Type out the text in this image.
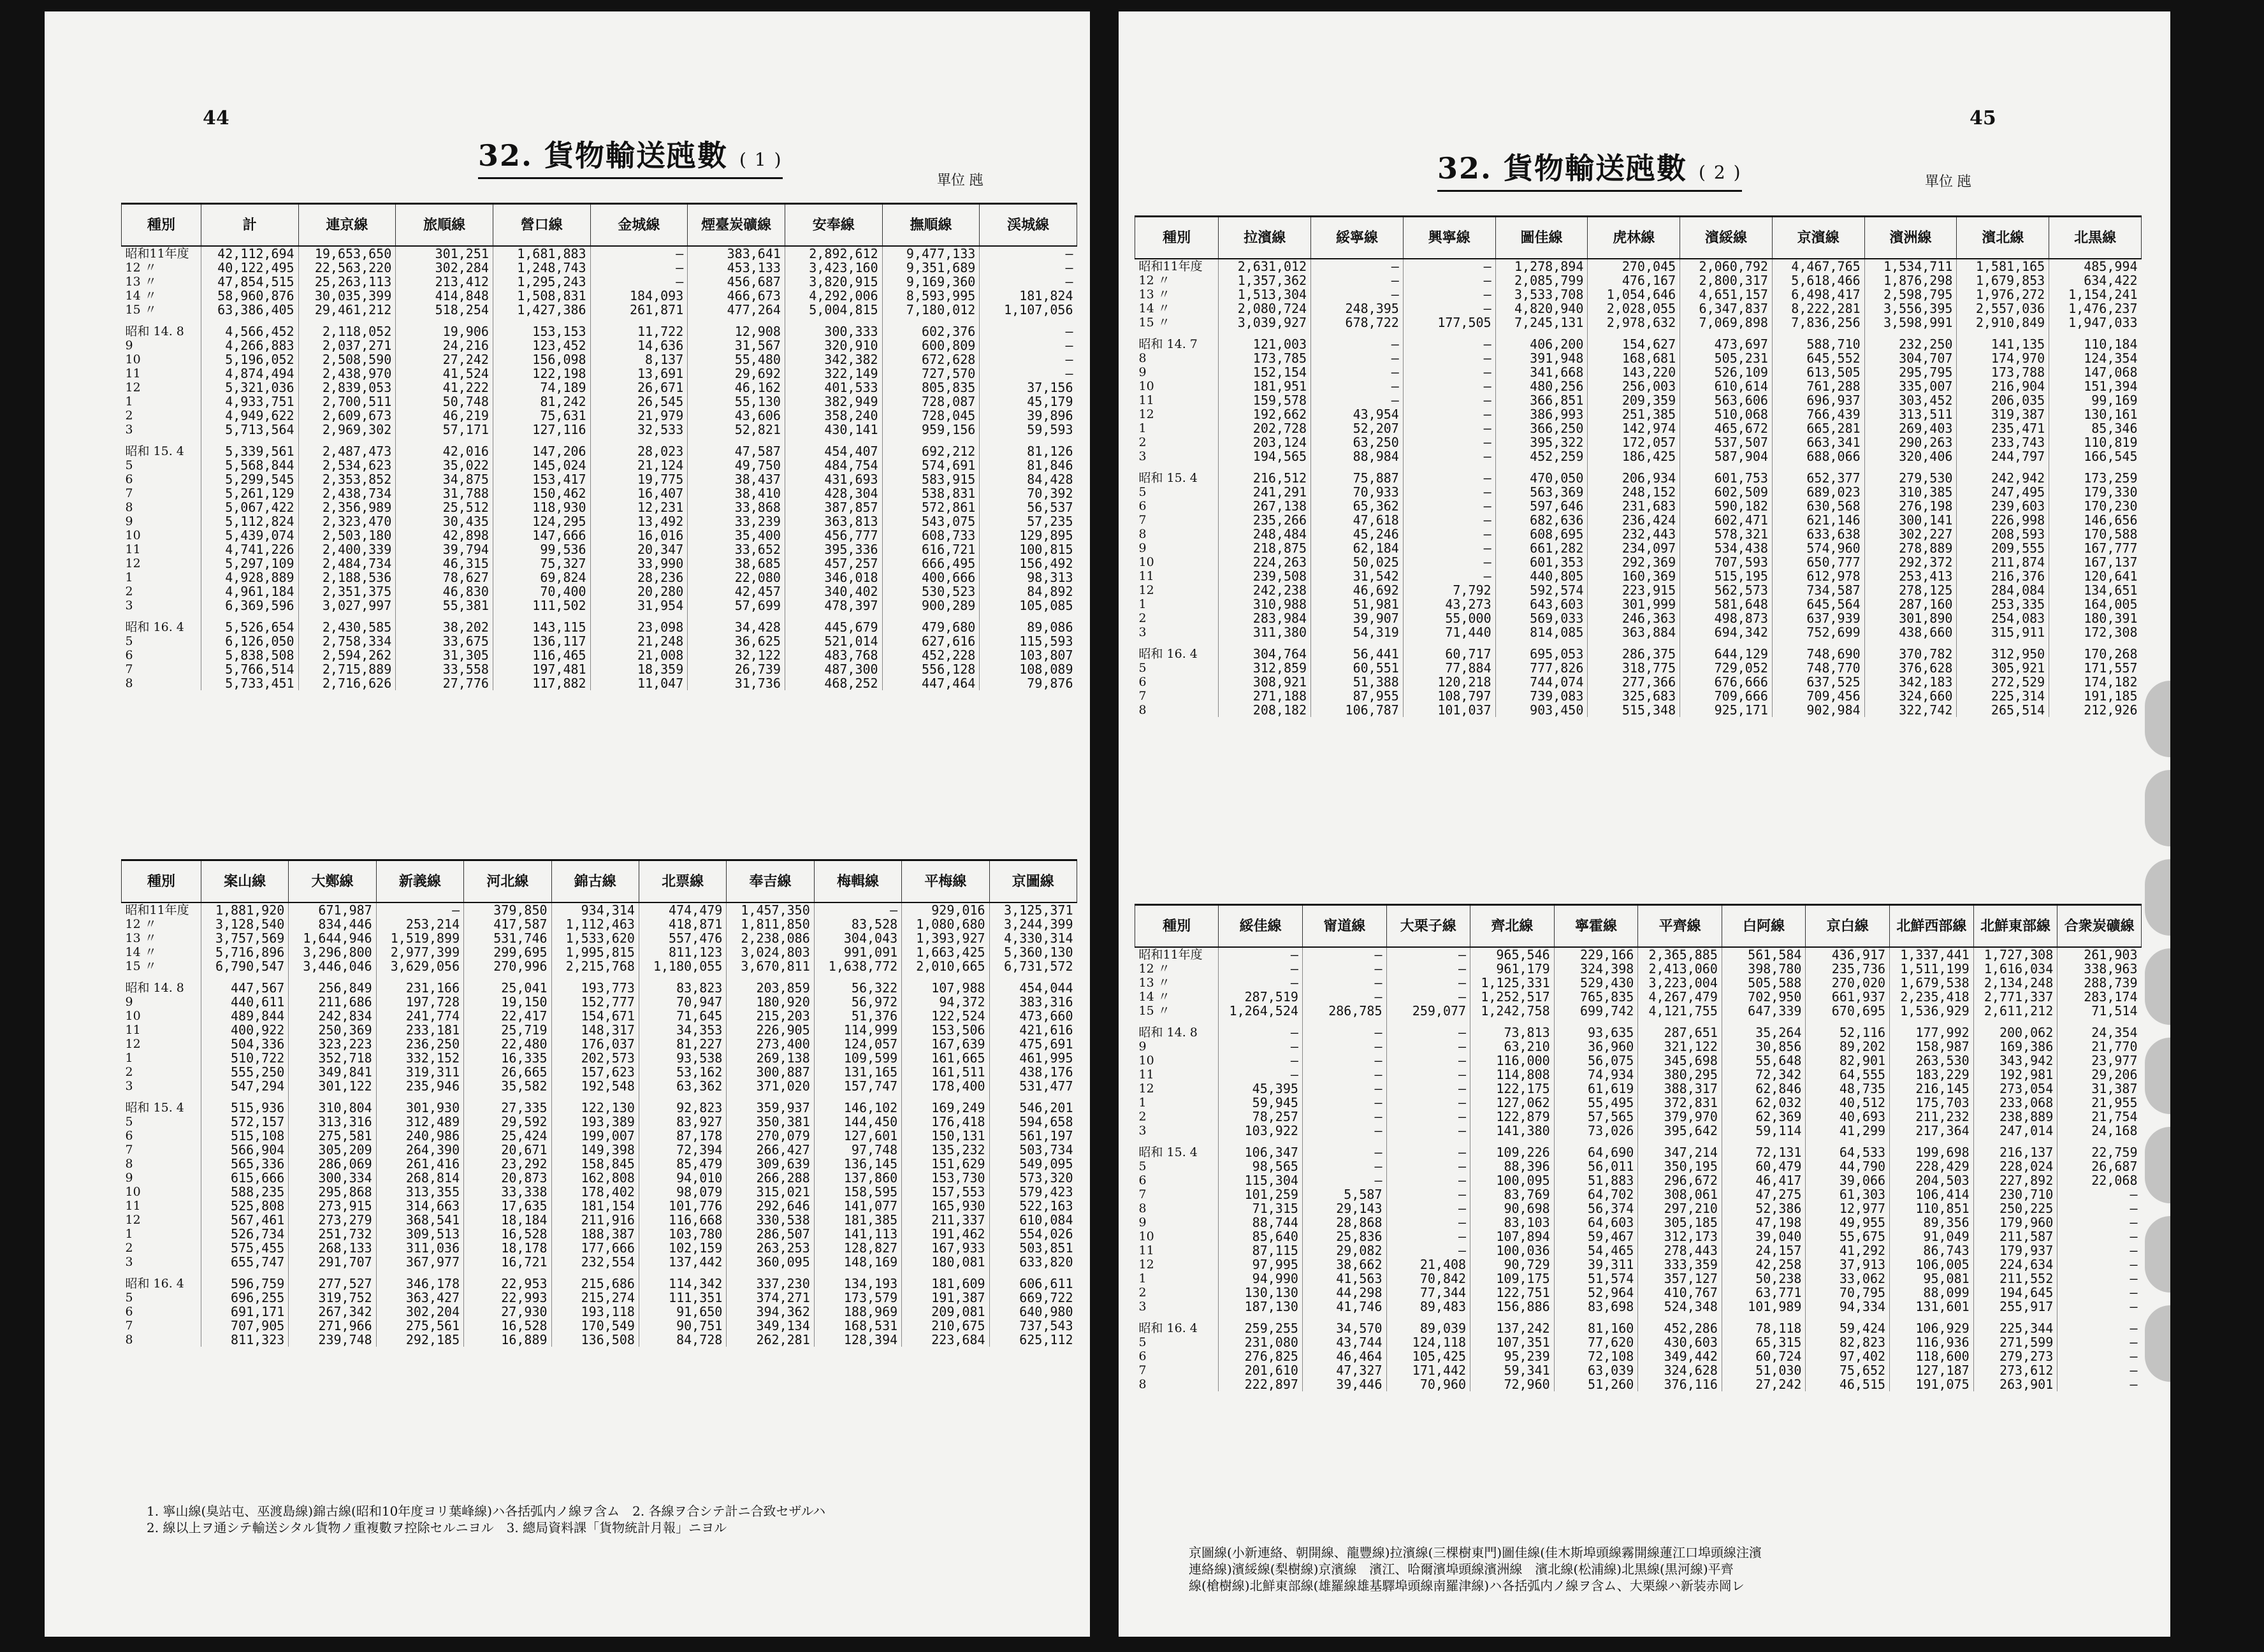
44
32. 貨物輸送瓲數 ( 1 )
單位 瓲
種別	計	連京線	旅順線	營口線	金城線	煙臺炭礦線	安奉線	撫順線	渓城線
昭和11年度	42,112,694	19,653,650	301,251	1,681,883	—	383,641	2,892,612	9,477,133	—
12 〃	40,122,495	22,563,220	302,284	1,248,743	—	453,133	3,423,160	9,351,689	—
13 〃	47,854,515	25,263,113	213,412	1,295,243	—	456,687	3,820,915	9,169,360	—
14 〃	58,960,876	30,035,399	414,848	1,508,831	184,093	466,673	4,292,006	8,593,995	181,824
15 〃	63,386,405	29,461,212	518,254	1,427,386	261,871	477,264	5,004,815	7,180,012	1,107,056

昭和 14. 8	4,566,452	2,118,052	19,906	153,153	11,722	12,908	300,333	602,376	—
9	4,266,883	2,037,271	24,216	123,452	14,636	31,567	320,910	600,809	—
10	5,196,052	2,508,590	27,242	156,098	8,137	55,480	342,382	672,628	—
11	4,874,494	2,438,970	41,524	122,198	13,691	29,692	322,149	727,570	—
12	5,321,036	2,839,053	41,222	74,189	26,671	46,162	401,533	805,835	37,156
1	4,933,751	2,700,511	50,748	81,242	26,545	55,130	382,949	728,087	45,179
2	4,949,622	2,609,673	46,219	75,631	21,979	43,606	358,240	728,045	39,896
3	5,713,564	2,969,302	57,171	127,116	32,533	52,821	430,141	959,156	59,593

昭和 15. 4	5,339,561	2,487,473	42,016	147,206	28,023	47,587	454,407	692,212	81,126
5	5,568,844	2,534,623	35,022	145,024	21,124	49,750	484,754	574,691	81,846
6	5,299,545	2,353,852	34,875	153,417	19,775	38,437	431,693	583,915	84,428
7	5,261,129	2,438,734	31,788	150,462	16,407	38,410	428,304	538,831	70,392
8	5,067,422	2,356,989	25,512	118,930	12,231	33,868	387,857	572,861	56,537
9	5,112,824	2,323,470	30,435	124,295	13,492	33,239	363,813	543,075	57,235
10	5,439,074	2,503,180	42,898	147,666	16,016	35,400	456,777	608,733	129,895
11	4,741,226	2,400,339	39,794	99,536	20,347	33,652	395,336	616,721	100,815
12	5,297,109	2,484,734	46,315	75,327	33,990	38,685	457,257	666,495	156,492
1	4,928,889	2,188,536	78,627	69,824	28,236	22,080	346,018	400,666	98,313
2	4,961,184	2,351,375	46,830	70,400	20,280	42,457	340,402	530,523	84,892
3	6,369,596	3,027,997	55,381	111,502	31,954	57,699	478,397	900,289	105,085

昭和 16. 4	5,526,654	2,430,585	38,202	143,115	23,098	34,428	445,679	479,680	89,086
5	6,126,050	2,758,334	33,675	136,117	21,248	36,625	521,014	627,616	115,593
6	5,838,508	2,594,262	31,305	116,465	21,008	32,122	483,768	452,228	103,807
7	5,766,514	2,715,889	33,558	197,481	18,359	26,739	487,300	556,128	108,089
8	5,733,451	2,716,626	27,776	117,882	11,047	31,736	468,252	447,464	79,876
種別	案山線	大鄭線	新義線	河北線	錦古線	北票線	奉吉線	梅輯線	平梅線	京圖線
昭和11年度	1,881,920	671,987	—	379,850	934,314	474,479	1,457,350	—	929,016	3,125,371
12 〃	3,128,540	834,446	253,214	417,587	1,112,463	418,871	1,811,850	83,528	1,080,680	3,244,399
13 〃	3,757,569	1,644,946	1,519,899	531,746	1,533,620	557,476	2,238,086	304,043	1,393,927	4,330,314
14 〃	5,716,896	3,296,800	2,977,399	299,695	1,995,815	811,123	3,024,803	991,091	1,663,425	5,360,130
15 〃	6,790,547	3,446,046	3,629,056	270,996	2,215,768	1,180,055	3,670,811	1,638,772	2,010,665	6,731,572

昭和 14. 8	447,567	256,849	231,166	25,041	193,773	83,823	203,859	56,322	107,988	454,044
9	440,611	211,686	197,728	19,150	152,777	70,947	180,920	56,972	94,372	383,316
10	489,844	242,834	241,774	22,417	154,671	71,645	215,203	51,376	122,524	473,660
11	400,922	250,369	233,181	25,719	148,317	34,353	226,905	114,999	153,506	421,616
12	504,336	323,223	236,250	22,480	176,037	81,227	273,400	124,057	167,639	475,691
1	510,722	352,718	332,152	16,335	202,573	93,538	269,138	109,599	161,665	461,995
2	555,250	349,841	319,311	26,665	157,623	53,162	300,887	131,165	161,511	438,176
3	547,294	301,122	235,946	35,582	192,548	63,362	371,020	157,747	178,400	531,477

昭和 15. 4	515,936	310,804	301,930	27,335	122,130	92,823	359,937	146,102	169,249	546,201
5	572,157	313,316	312,489	29,592	193,389	83,927	350,381	144,450	176,418	594,658
6	515,108	275,581	240,986	25,424	199,007	87,178	270,079	127,601	150,131	561,197
7	566,904	305,209	264,390	20,671	149,398	72,394	266,427	97,748	135,232	503,734
8	565,336	286,069	261,416	23,292	158,845	85,479	309,639	136,145	151,629	549,095
9	615,666	300,334	268,814	20,873	162,808	94,010	266,288	137,860	153,730	573,320
10	588,235	295,868	313,355	33,338	178,402	98,079	315,021	158,595	157,553	579,423
11	525,808	273,915	314,663	17,635	181,154	101,776	292,646	141,077	165,930	522,163
12	567,461	273,279	368,541	18,184	211,916	116,668	330,538	181,385	211,337	610,084
1	526,734	251,732	309,513	16,528	188,387	103,780	286,507	141,113	191,462	554,026
2	575,455	268,133	311,036	18,178	177,666	102,159	263,253	128,827	167,933	503,851
3	655,747	291,707	367,977	16,721	232,554	137,442	360,095	148,169	180,081	633,820

昭和 16. 4	596,759	277,527	346,178	22,953	215,686	114,342	337,230	134,193	181,609	606,611
5	696,255	319,752	363,427	22,993	215,274	111,351	374,271	173,579	191,387	669,722
6	691,171	267,342	302,204	27,930	193,118	91,650	394,362	188,969	209,081	640,980
7	707,905	271,966	275,561	16,528	170,549	90,751	349,134	168,531	210,675	737,543
8	811,323	239,748	292,185	16,889	136,508	84,728	262,281	128,394	223,684	625,112
1. 寧山線(臭站屯、巫渡島線)錦古線(昭和10年度ヨリ葉峰線)ハ各括弧内ノ線ヲ含ム　2. 各線ヲ合シテ計ニ合致セザルハ
2. 線以上ヲ通シテ輸送シタル貨物ノ重複數ヲ控除セルニヨル　3. 總局資料課「貨物統計月報」ニヨル
45
32. 貨物輸送瓲數 ( 2 )	單位 瓲
種別	拉濱線	綏寧線	興寧線	圖佳線	虎林線	濱綏線	京濱線	濱洲線	濱北線	北黒線
昭和11年度	2,631,012	—	—	1,278,894	270,045	2,060,792	4,467,765	1,534,711	1,581,165	485,994
12 〃	1,357,362	—	—	2,085,799	476,167	2,800,317	5,618,466	1,876,298	1,679,853	634,422
13 〃	1,513,304	—	—	3,533,708	1,054,646	4,651,157	6,498,417	2,598,795	1,976,272	1,154,241
14 〃	2,080,724	248,395	—	4,820,940	2,028,055	6,347,837	8,222,281	3,556,395	2,557,036	1,476,237
15 〃	3,039,927	678,722	177,505	7,245,131	2,978,632	7,069,898	7,836,256	3,598,991	2,910,849	1,947,033

昭和 14. 7	121,003	—	—	406,200	154,627	473,697	588,710	232,250	141,135	110,184
8	173,785	—	—	391,948	168,681	505,231	645,552	304,707	174,970	124,354
9	152,154	—	—	341,668	143,220	526,109	613,505	295,795	173,788	147,068
10	181,951	—	—	480,256	256,003	610,614	761,288	335,007	216,904	151,394
11	159,578	—	—	366,851	209,359	563,606	696,937	303,452	206,035	99,169
12	192,662	43,954	—	386,993	251,385	510,068	766,439	313,511	319,387	130,161
1	202,728	52,207	—	366,250	142,974	465,672	665,281	269,403	235,471	85,346
2	203,124	63,250	—	395,322	172,057	537,507	663,341	290,263	233,743	110,819
3	194,565	88,984	—	452,259	186,425	587,904	688,066	320,406	244,797	166,545

昭和 15. 4	216,512	75,887	—	470,050	206,934	601,753	652,377	279,530	242,942	173,259
5	241,291	70,933	—	563,369	248,152	602,509	689,023	310,385	247,495	179,330
6	267,138	65,362	—	597,646	231,683	590,182	630,568	276,198	239,603	170,230
7	235,266	47,618	—	682,636	236,424	602,471	621,146	300,141	226,998	146,656
8	248,484	45,246	—	608,695	232,443	578,321	633,638	302,227	208,593	170,588
9	218,875	62,184	—	661,282	234,097	534,438	574,960	278,889	209,555	167,777
10	224,263	50,025	—	601,353	292,369	707,593	650,777	292,372	211,874	167,137
11	239,508	31,542	—	440,805	160,369	515,195	612,978	253,413	216,376	120,641
12	242,238	46,692	7,792	592,574	223,915	562,573	734,587	278,125	284,084	134,651
1	310,988	51,981	43,273	643,603	301,999	581,648	645,564	287,160	253,335	164,005
2	283,984	39,907	55,000	569,033	246,363	498,873	637,939	301,890	254,083	180,391
3	311,380	54,319	71,440	814,085	363,884	694,342	752,699	438,660	315,911	172,308

昭和 16. 4	304,764	56,441	60,717	695,053	286,375	644,129	748,690	370,782	312,950	170,268
5	312,859	60,551	77,884	777,826	318,775	729,052	748,770	376,628	305,921	171,557
6	308,921	51,388	120,218	744,074	277,366	676,666	637,525	342,183	272,529	174,182
7	271,188	87,955	108,797	739,083	325,683	709,666	709,456	324,660	225,314	191,185
8	208,182	106,787	101,037	903,450	515,348	925,171	902,984	322,742	265,514	212,926
種別	綏佳線	甯道線	大栗子線	齊北線	寧霍線	平齊線	白阿線	京白線	北鮮西部線	北鮮東部線	合衆炭礦線
昭和11年度	—	—	—	965,546	229,166	2,365,885	561,584	436,917	1,337,441	1,727,308	261,903
12 〃	—	—	—	961,179	324,398	2,413,060	398,780	235,736	1,511,199	1,616,034	338,963
13 〃	—	—	—	1,125,331	529,430	3,223,004	505,588	270,020	1,679,538	2,134,248	288,739
14 〃	287,519	—	—	1,252,517	765,835	4,267,479	702,950	661,937	2,235,418	2,771,337	283,174
15 〃	1,264,524	286,785	259,077	1,242,758	699,742	4,121,755	647,339	670,695	1,536,929	2,611,212	71,514

昭和 14. 8	—	—	—	73,813	93,635	287,651	35,264	52,116	177,992	200,062	24,354
9	—	—	—	63,210	36,960	321,122	30,856	89,202	158,987	169,386	21,770
10	—	—	—	116,000	56,075	345,698	55,648	82,901	263,530	343,942	23,977
11	—	—	—	114,808	74,934	380,295	72,342	64,555	183,229	192,981	29,206
12	45,395	—	—	122,175	61,619	388,317	62,846	48,735	216,145	273,054	31,387
1	59,945	—	—	127,062	55,495	372,831	62,032	40,512	175,703	233,068	21,955
2	78,257	—	—	122,879	57,565	379,970	62,369	40,693	211,232	238,889	21,754
3	103,922	—	—	141,380	73,026	395,642	59,114	41,299	217,364	247,014	24,168

昭和 15. 4	106,347	—	—	109,226	64,690	347,214	72,131	64,533	199,698	216,137	22,759
5	98,565	—	—	88,396	56,011	350,195	60,479	44,790	228,429	228,024	26,687
6	115,304	—	—	100,095	51,883	296,672	46,417	39,066	204,503	227,892	22,068
7	101,259	5,587	—	83,769	64,702	308,061	47,275	61,303	106,414	230,710	—
8	71,315	29,143	—	90,698	56,374	297,210	52,386	12,977	110,851	250,225	—
9	88,744	28,868	—	83,103	64,603	305,185	47,198	49,955	89,356	179,960	—
10	85,640	25,836	—	107,894	59,467	312,173	39,040	55,675	91,049	211,587	—
11	87,115	29,082	—	100,036	54,465	278,443	24,157	41,292	86,743	179,937	—
12	97,995	38,662	21,408	90,729	39,311	333,359	42,258	37,913	106,005	224,634	—
1	94,990	41,563	70,842	109,175	51,574	357,127	50,238	33,062	95,081	211,552	—
2	130,130	44,298	77,344	122,751	52,964	410,767	63,771	70,795	88,099	194,645	—
3	187,130	41,746	89,483	156,886	83,698	524,348	101,989	94,334	131,601	255,917	—

昭和 16. 4	259,255	34,570	89,039	137,242	81,160	452,286	78,118	59,424	106,929	225,344	—
5	231,080	43,744	124,118	107,351	77,620	430,603	65,315	82,823	116,936	271,599	—
6	276,825	46,464	105,425	95,239	72,108	349,442	60,724	97,402	118,600	279,273	—
7	201,610	47,327	171,442	59,341	63,039	324,628	51,030	75,652	127,187	273,612	—
8	222,897	39,446	70,960	72,960	51,260	376,116	27,242	46,515	191,075	263,901	—
京圖線(小新連絡、朝開線、龍豐線)拉濱線(三棵樹東門)圖佳線(佳木斯埠頭線霧開線蓮江口埠頭線注濱
連絡線)濱綏線(梨樹線)京濱線　濱江、哈爾濱埠頭線濱洲線　濱北線(松浦線)北黒線(黒河線)平齊
線(槍樹線)北鮮東部線(雄羅線雄基驛埠頭線南羅津線)ハ各括弧内ノ線ヲ含ム、大栗線ハ新装赤岡レ
